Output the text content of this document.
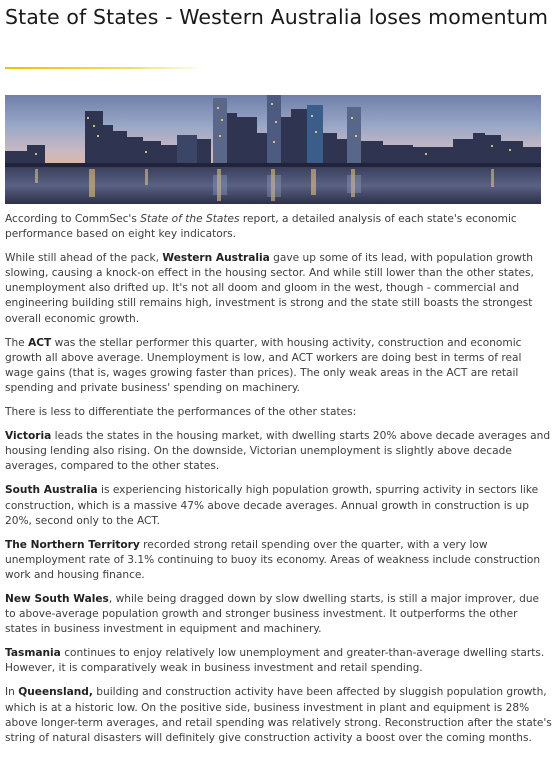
State of States - Western Australia loses momentum

According to CommSec's State of the States report, a detailed analysis of each state's economic performance based on eight key indicators.

While still ahead of the pack, Western Australia gave up some of its lead, with population growth slowing, causing a knock-on effect in the housing sector. And while still lower than the other states, unemployment also drifted up. It's not all doom and gloom in the west, though - commercial and engineering building still remains high, investment is strong and the state still boasts the strongest overall economic growth.

The ACT was the stellar performer this quarter, with housing activity, construction and economic growth all above average. Unemployment is low, and ACT workers are doing best in terms of real wage gains (that is, wages growing faster than prices). The only weak areas in the ACT are retail spending and private business' spending on machinery.

There is less to differentiate the performances of the other states:

Victoria leads the states in the housing market, with dwelling starts 20% above decade averages and housing lending also rising. On the downside, Victorian unemployment is slightly above decade averages, compared to the other states.

South Australia is experiencing historically high population growth, spurring activity in sectors like construction, which is a massive 47% above decade averages. Annual growth in construction is up 20%, second only to the ACT.

The Northern Territory recorded strong retail spending over the quarter, with a very low unemployment rate of 3.1% continuing to buoy its economy. Areas of weakness include construction work and housing finance.

New South Wales, while being dragged down by slow dwelling starts, is still a major improver, due to above-average population growth and stronger business investment. It outperforms the other states in business investment in equipment and machinery.

Tasmania continues to enjoy relatively low unemployment and greater-than-average dwelling starts. However, it is comparatively weak in business investment and retail spending.

In Queensland, building and construction activity have been affected by sluggish population growth, which is at a historic low. On the positive side, business investment in plant and equipment is 28% above longer-term averages, and retail spending was relatively strong. Reconstruction after the state's string of natural disasters will definitely give construction activity a boost over the coming months.
